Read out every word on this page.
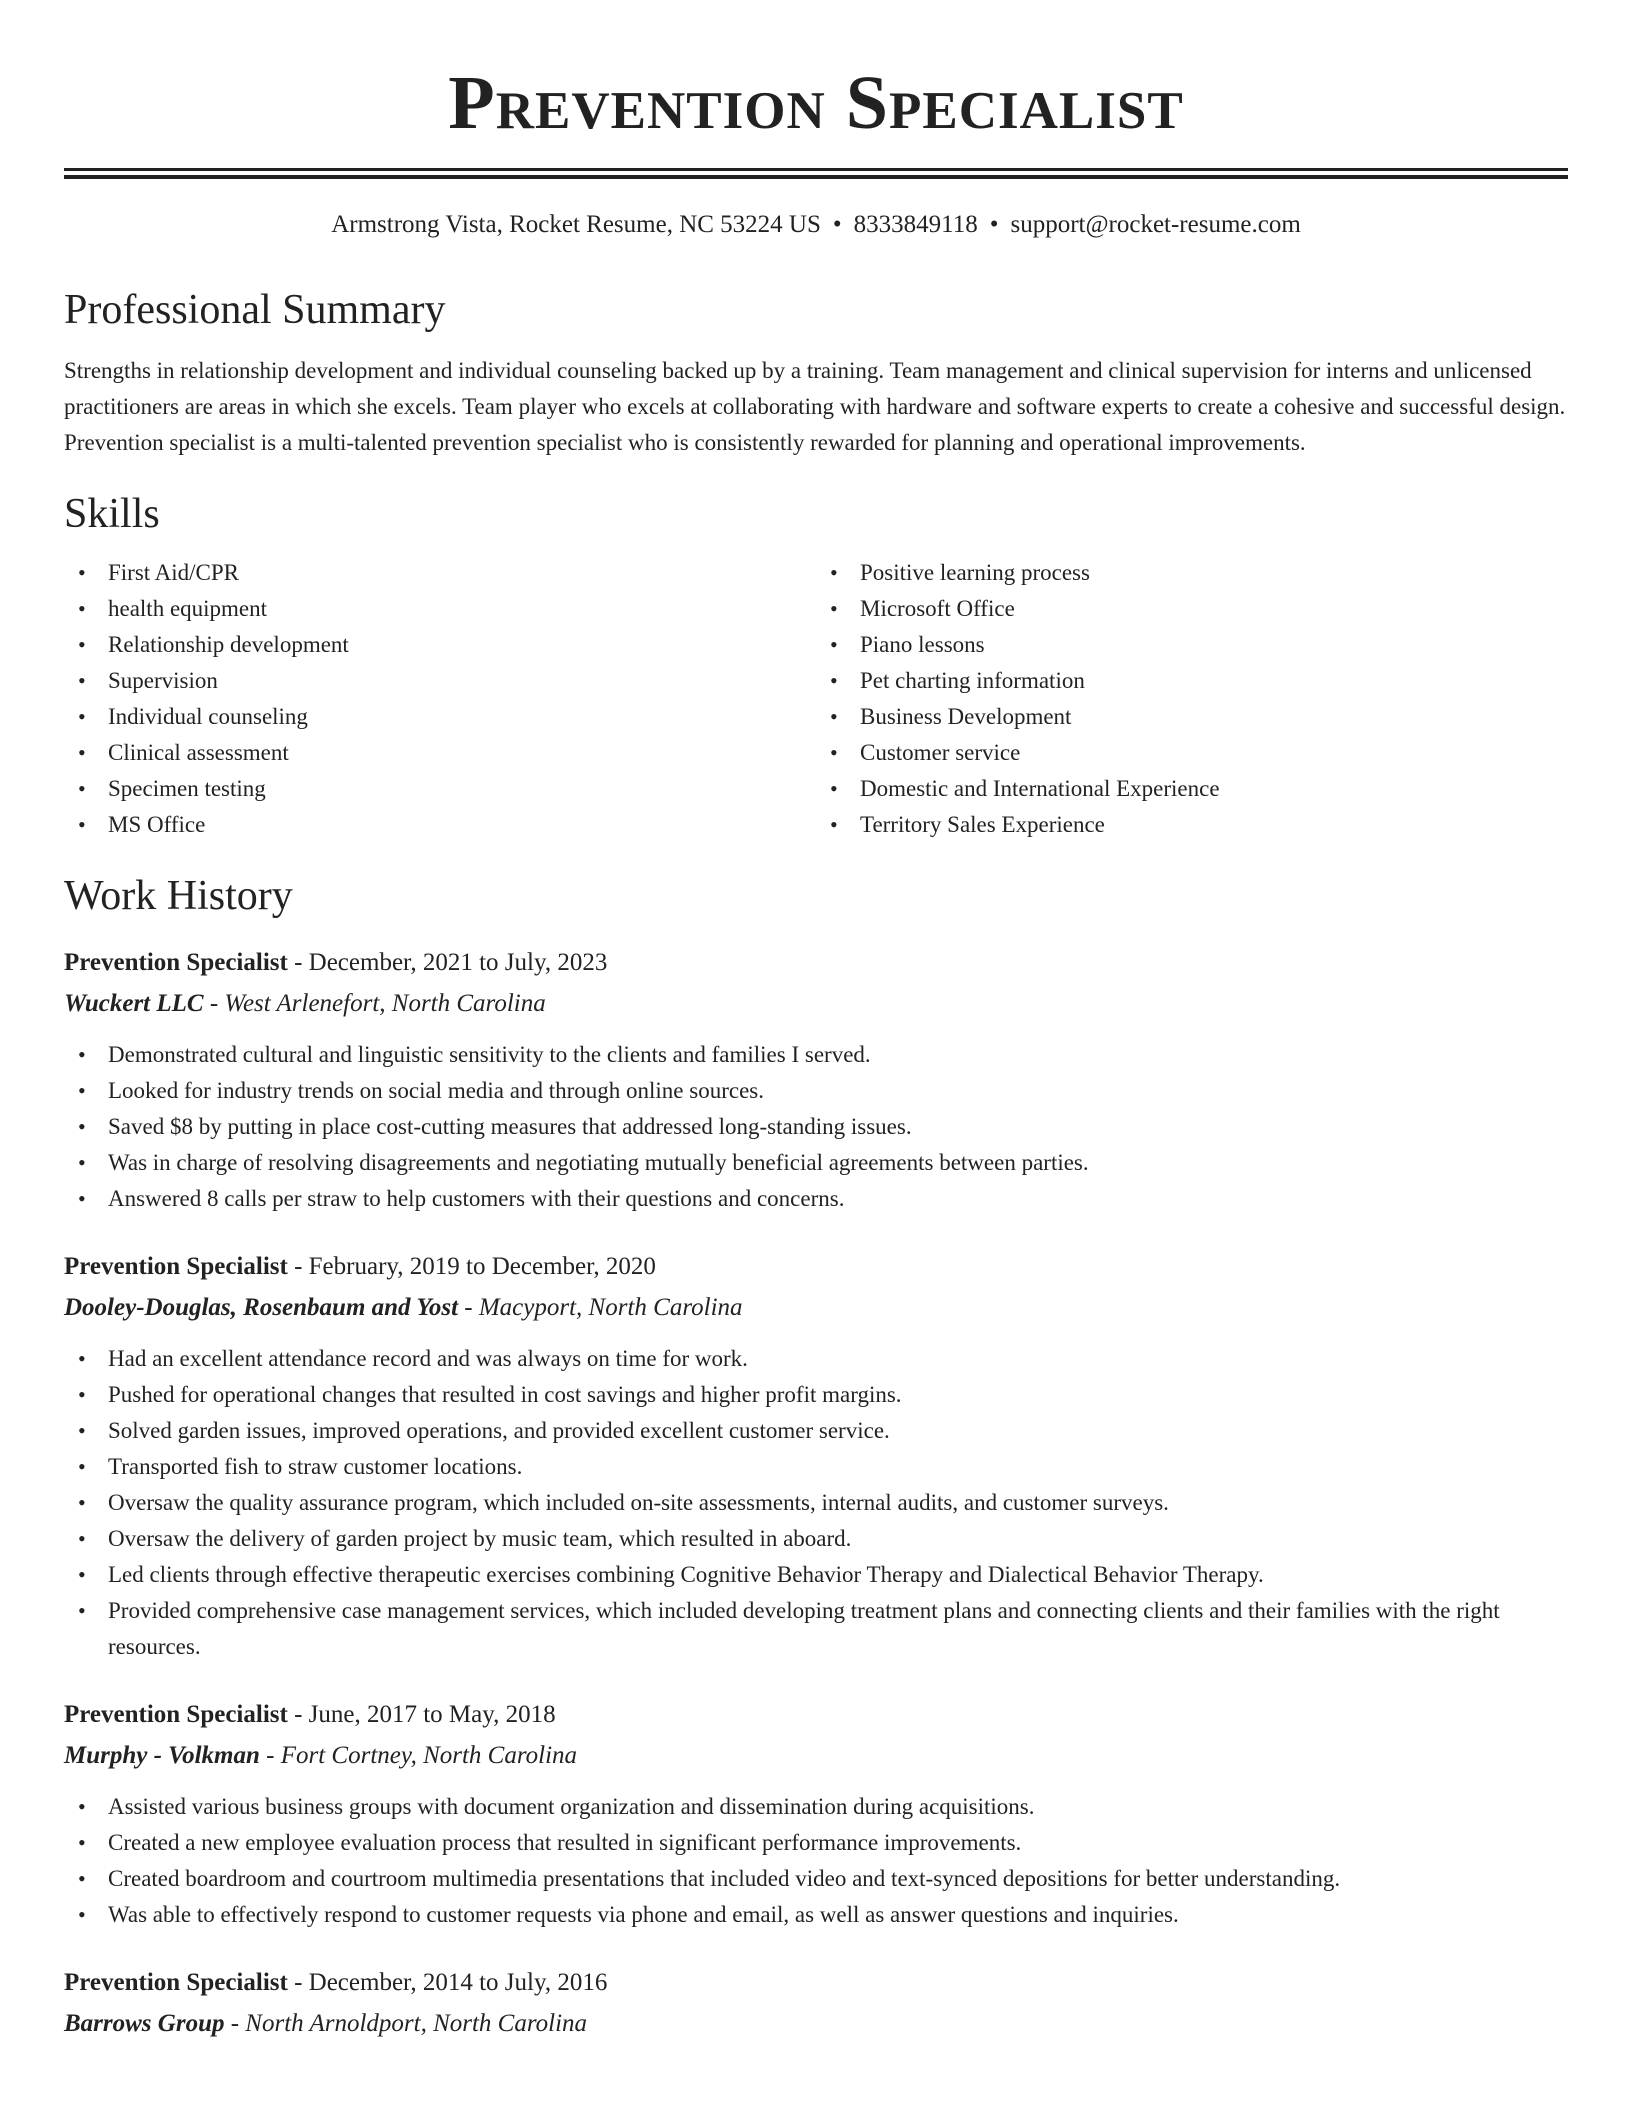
Prevention Specialist
Armstrong Vista, Rocket Resume, NC 53224 US • 8333849118 • support@rocket-resume.com
Professional Summary
Strengths in relationship development and individual counseling backed up by a training. Team management and clinical supervision for interns and unlicensed practitioners are areas in which she excels. Team player who excels at collaborating with hardware and software experts to create a cohesive and successful design. Prevention specialist is a multi-talented prevention specialist who is consistently rewarded for planning and operational improvements.
Skills
• First Aid/CPR
• health equipment
• Relationship development
• Supervision
• Individual counseling
• Clinical assessment
• Specimen testing
• MS Office
• Positive learning process
• Microsoft Office
• Piano lessons
• Pet charting information
• Business Development
• Customer service
• Domestic and International Experience
• Territory Sales Experience
Work History
Prevention Specialist - December, 2021 to July, 2023
Wuckert LLC - West Arlenefort, North Carolina
• Demonstrated cultural and linguistic sensitivity to the clients and families I served.
• Looked for industry trends on social media and through online sources.
• Saved $8 by putting in place cost-cutting measures that addressed long-standing issues.
• Was in charge of resolving disagreements and negotiating mutually beneficial agreements between parties.
• Answered 8 calls per straw to help customers with their questions and concerns.
Prevention Specialist - February, 2019 to December, 2020
Dooley-Douglas, Rosenbaum and Yost - Macyport, North Carolina
• Had an excellent attendance record and was always on time for work.
• Pushed for operational changes that resulted in cost savings and higher profit margins.
• Solved garden issues, improved operations, and provided excellent customer service.
• Transported fish to straw customer locations.
• Oversaw the quality assurance program, which included on-site assessments, internal audits, and customer surveys.
• Oversaw the delivery of garden project by music team, which resulted in aboard.
• Led clients through effective therapeutic exercises combining Cognitive Behavior Therapy and Dialectical Behavior Therapy.
• Provided comprehensive case management services, which included developing treatment plans and connecting clients and their families with the right resources.
Prevention Specialist - June, 2017 to May, 2018
Murphy - Volkman - Fort Cortney, North Carolina
• Assisted various business groups with document organization and dissemination during acquisitions.
• Created a new employee evaluation process that resulted in significant performance improvements.
• Created boardroom and courtroom multimedia presentations that included video and text-synced depositions for better understanding.
• Was able to effectively respond to customer requests via phone and email, as well as answer questions and inquiries.
Prevention Specialist - December, 2014 to July, 2016
Barrows Group - North Arnoldport, North Carolina
